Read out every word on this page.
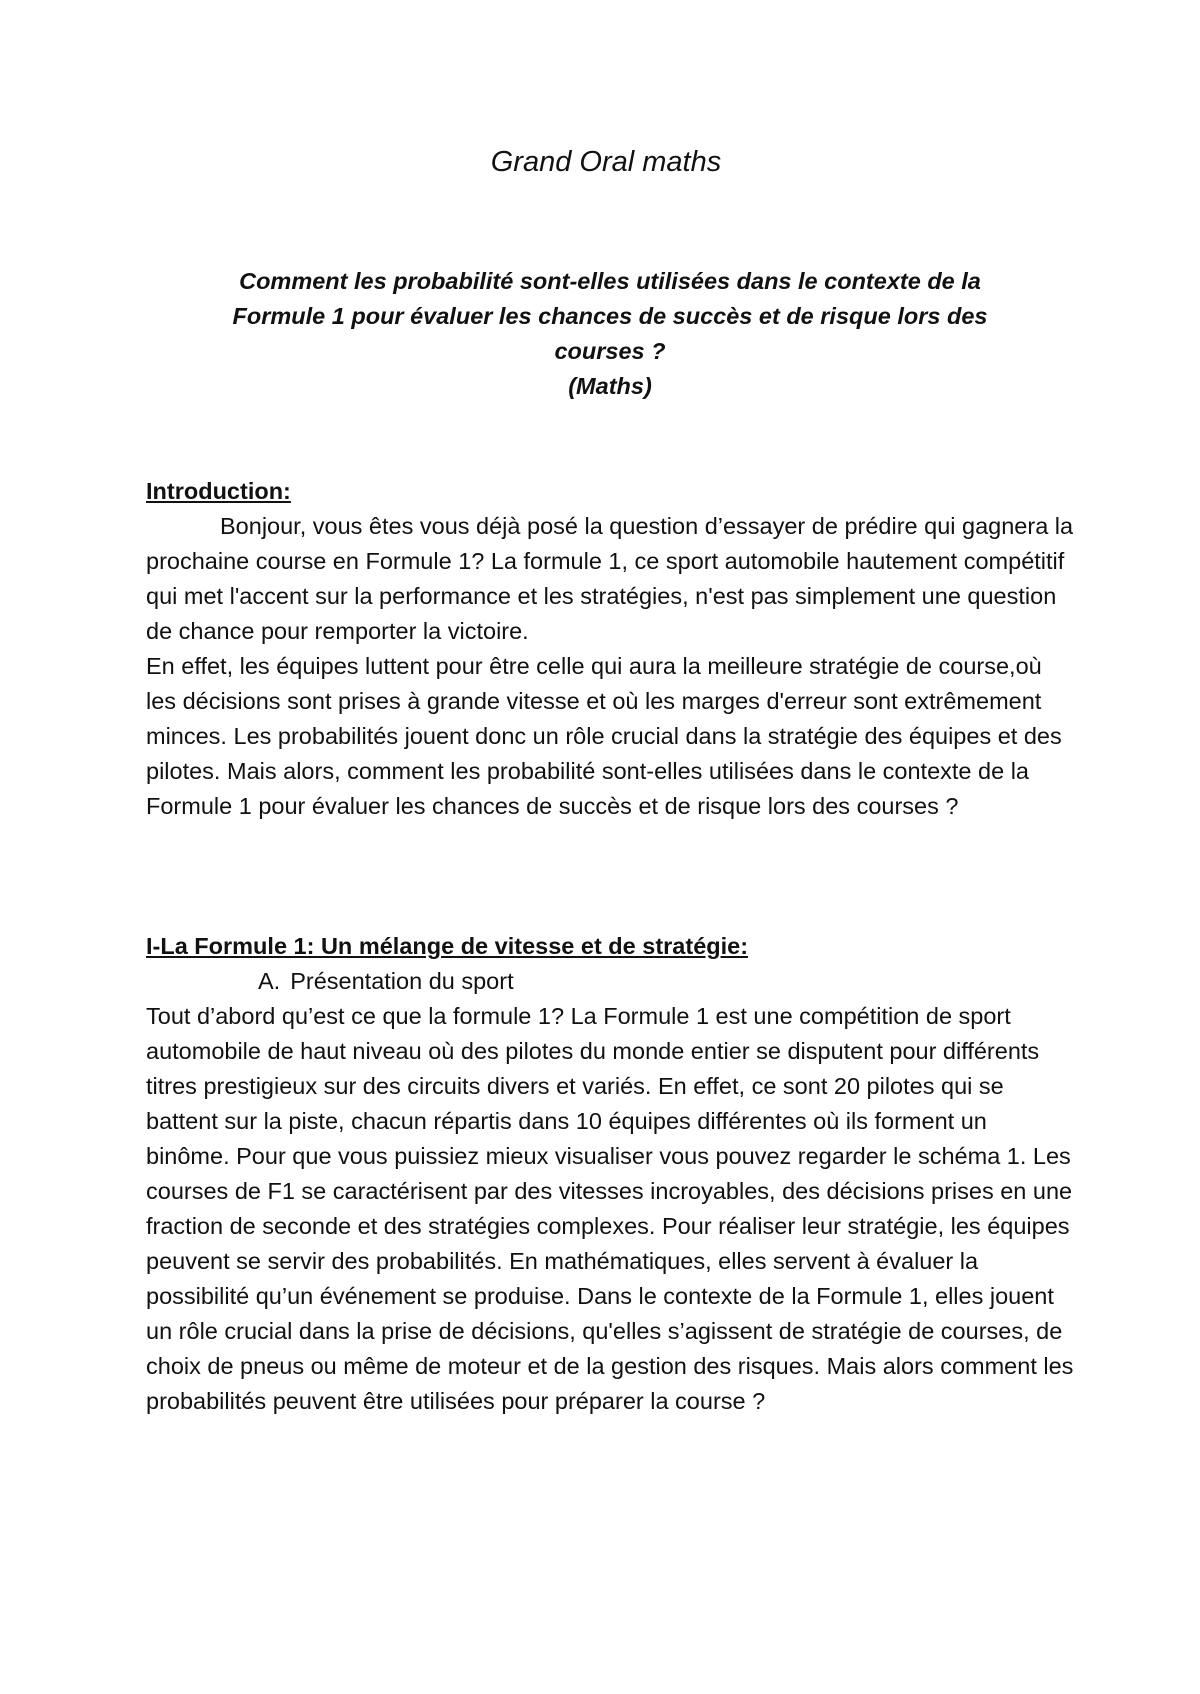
Grand Oral maths
Comment les probabilité sont-elles utilisées dans le contexte de la
Formule 1 pour évaluer les chances de succès et de risque lors des
courses ?
(Maths)

Introduction:

Bonjour, vous êtes vous déjà posé la question d’essayer de prédire qui gagnera la prochaine course en Formule 1? La formule 1, ce sport automobile hautement compétitif qui met l'accent sur la performance et les stratégies, n'est pas simplement une question de chance pour remporter la victoire.

En effet, les équipes luttent pour être celle qui aura la meilleure stratégie de course,où les décisions sont prises à grande vitesse et où les marges d'erreur sont extrêmement minces. Les probabilités jouent donc un rôle crucial dans la stratégie des équipes et des pilotes. Mais alors, comment les probabilité sont-elles utilisées dans le contexte de la Formule 1 pour évaluer les chances de succès et de risque lors des courses ?

I-La Formule 1: Un mélange de vitesse et de stratégie:

A. Présentation du sport

Tout d’abord qu’est ce que la formule 1? La Formule 1 est une compétition de sport automobile de haut niveau où des pilotes du monde entier se disputent pour différents titres prestigieux sur des circuits divers et variés. En effet, ce sont 20 pilotes qui se battent sur la piste, chacun répartis dans 10 équipes différentes où ils forment un binôme. Pour que vous puissiez mieux visualiser vous pouvez regarder le schéma 1. Les courses de F1 se caractérisent par des vitesses incroyables, des décisions prises en une fraction de seconde et des stratégies complexes. Pour réaliser leur stratégie, les équipes peuvent se servir des probabilités. En mathématiques, elles servent à évaluer la possibilité qu’un événement se produise. Dans le contexte de la Formule 1, elles jouent un rôle crucial dans la prise de décisions, qu'elles s’agissent de stratégie de courses, de choix de pneus ou même de moteur et de la gestion des risques. Mais alors comment les probabilités peuvent être utilisées pour préparer la course ?
